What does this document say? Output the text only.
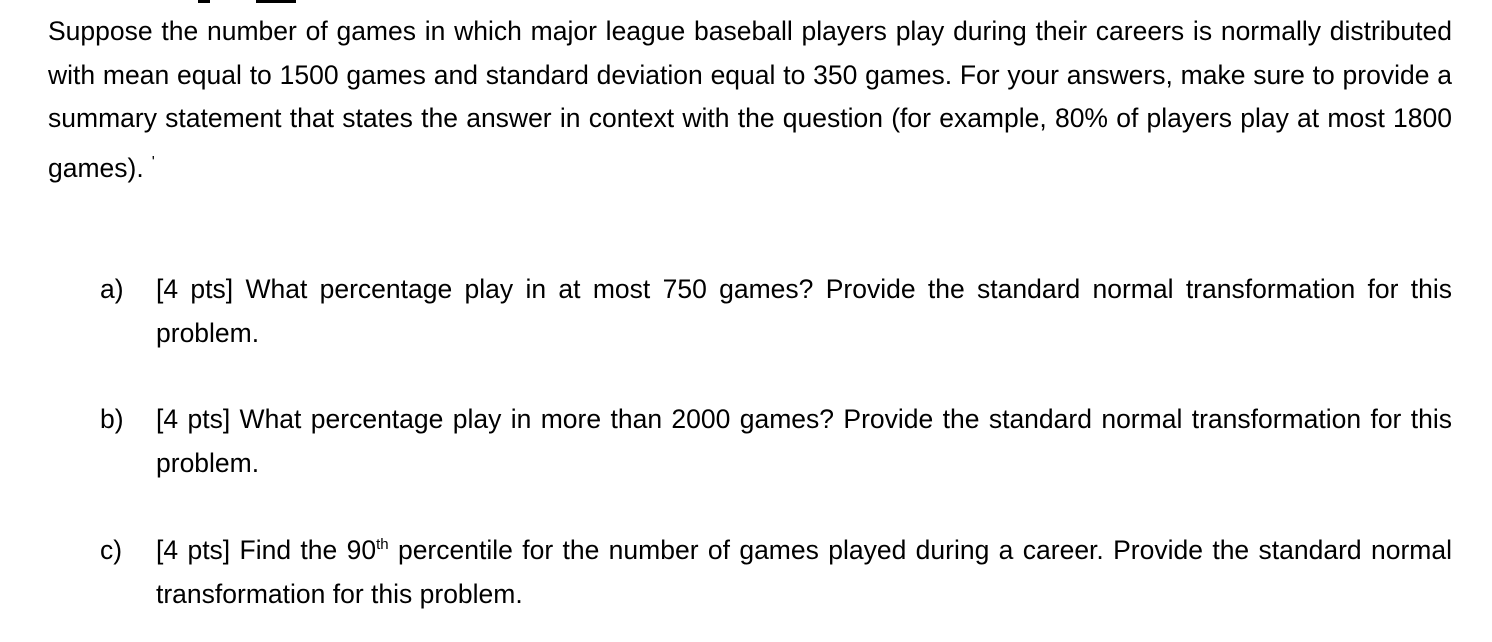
Suppose the number of games in which major league baseball players play during their careers is normally distributed with mean equal to 1500 games and standard deviation equal to 350 games. For your answers, make sure to provide a summary statement that states the answer in context with the question (for example, 80% of players play at most 1800 games). '

a)	[4 pts] What percentage play in at most 750 games? Provide the standard normal transformation for this problem.
b)	[4 pts] What percentage play in more than 2000 games? Provide the standard normal transformation for this problem.
c)	[4 pts] Find the 90th percentile for the number of games played during a career. Provide the standard normal transformation for this problem.
